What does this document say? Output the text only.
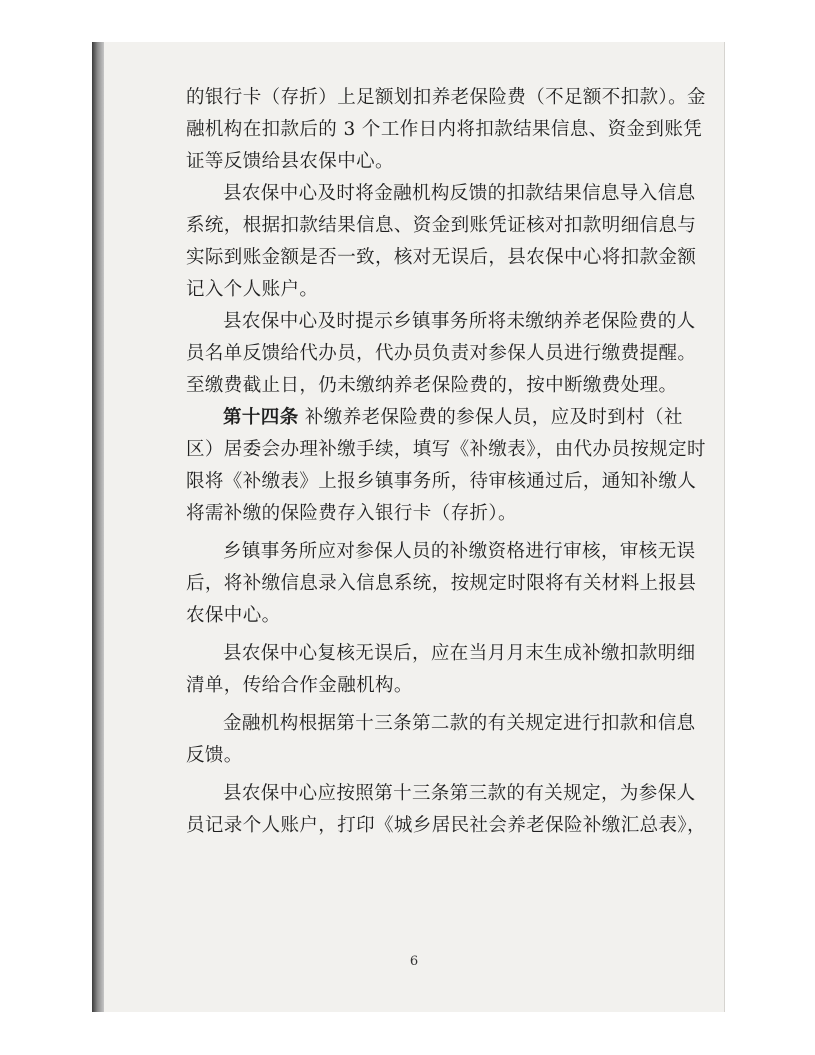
的银行卡（存折）上足额划扣养老保险费（不足额不扣款）。金融机构在扣款后的 3 个工作日内将扣款结果信息、资金到账凭证等反馈给县农保中心。

县农保中心及时将金融机构反馈的扣款结果信息导入信息系统，根据扣款结果信息、资金到账凭证核对扣款明细信息与实际到账金额是否一致，核对无误后，县农保中心将扣款金额记入个人账户。

县农保中心及时提示乡镇事务所将未缴纳养老保险费的人员名单反馈给代办员，代办员负责对参保人员进行缴费提醒。至缴费截止日，仍未缴纳养老保险费的，按中断缴费处理。

第十四条 补缴养老保险费的参保人员，应及时到村（社区）居委会办理补缴手续，填写《补缴表》，由代办员按规定时限将《补缴表》上报乡镇事务所，待审核通过后，通知补缴人将需补缴的保险费存入银行卡（存折）。

乡镇事务所应对参保人员的补缴资格进行审核，审核无误后，将补缴信息录入信息系统，按规定时限将有关材料上报县农保中心。

县农保中心复核无误后，应在当月月末生成补缴扣款明细清单，传给合作金融机构。

金融机构根据第十三条第二款的有关规定进行扣款和信息反馈。

县农保中心应按照第十三条第三款的有关规定，为参保人员记录个人账户，打印《城乡居民社会养老保险补缴汇总表》，

6
